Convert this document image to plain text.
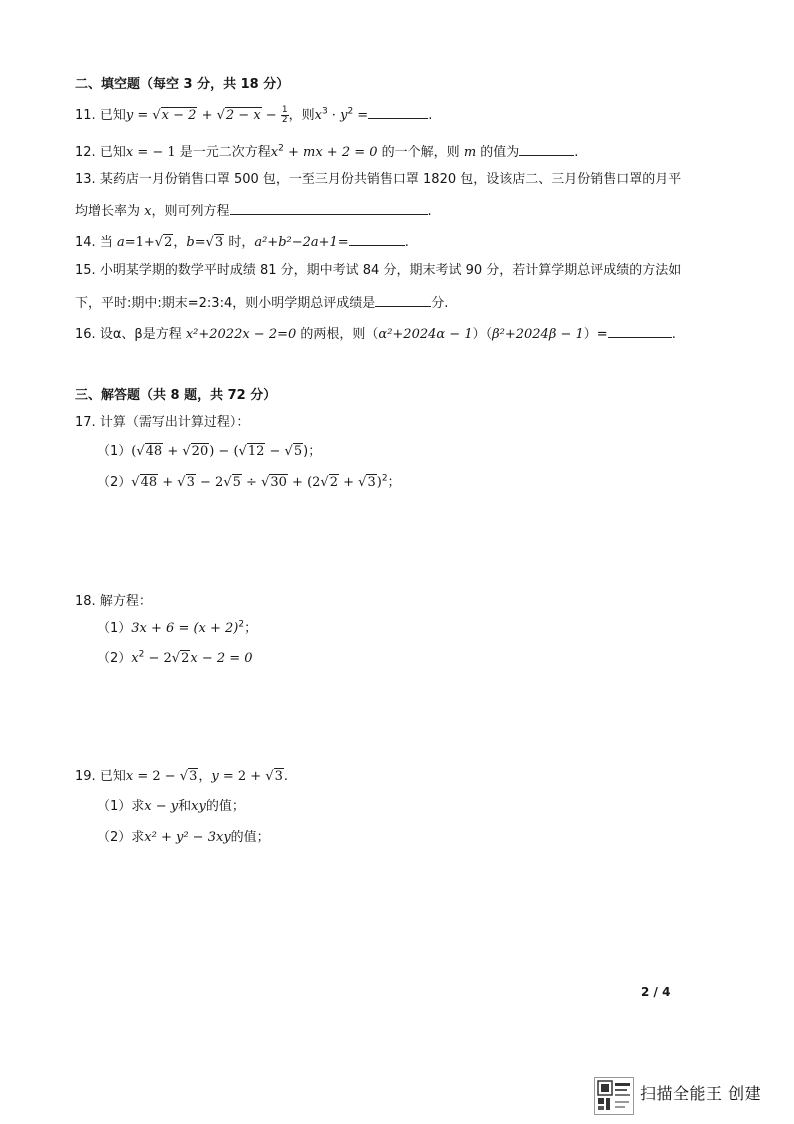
二、填空题（每空 3 分，共 18 分）
11. 已知$y = √x - 2 + √2 - x - \frac{1}{2}$ ，则$x^3 \cdot y^2$ =	.
12. 已知x = − 1 是一元二次方程$x^2$ + mx + 2 = 0 的一个解，则 m 的值为	.
13. 某药店一月份销售口罩 500 包，一至三月份共销售口罩 1820 包，设该店二、三月份销售口罩的月平
均增长率为 x，则可列方程	.
14. 当 a=1+√2，b=√3 时，a²+b²−2a+1=	.
15. 小明某学期的数学平时成绩 81 分，期中考试 84 分，期末考试 90 分，若计算学期总评成绩的方法如
下，平时:期中:期末=2:3:4，则小明学期总评成绩是	分.
16. 设α、β是方程 x²+2022x − 2=0 的两根，则（α²+2024α − 1）（β²+2024β − 1）=	.
三、解答题（共 8 题，共 72 分）
17. 计算（需写出计算过程）：
（1）(√48 + √20) − (√12 − √5)；
$(2)√48 + √3 - 2√5 \div √30 + (2√2 + √3)^2$；
18. 解方程：
$(1)3x + 6 = (x + 2)^2$；
$(2)x^2 - 2√2x - 2 = 0$
19. 已知x = 2 − √3，y = 2 + √3.
（1）求x − y和xy的值；
（2）求x² + y² − 3xy的值；
2 / 4
扫描全能王 创建
